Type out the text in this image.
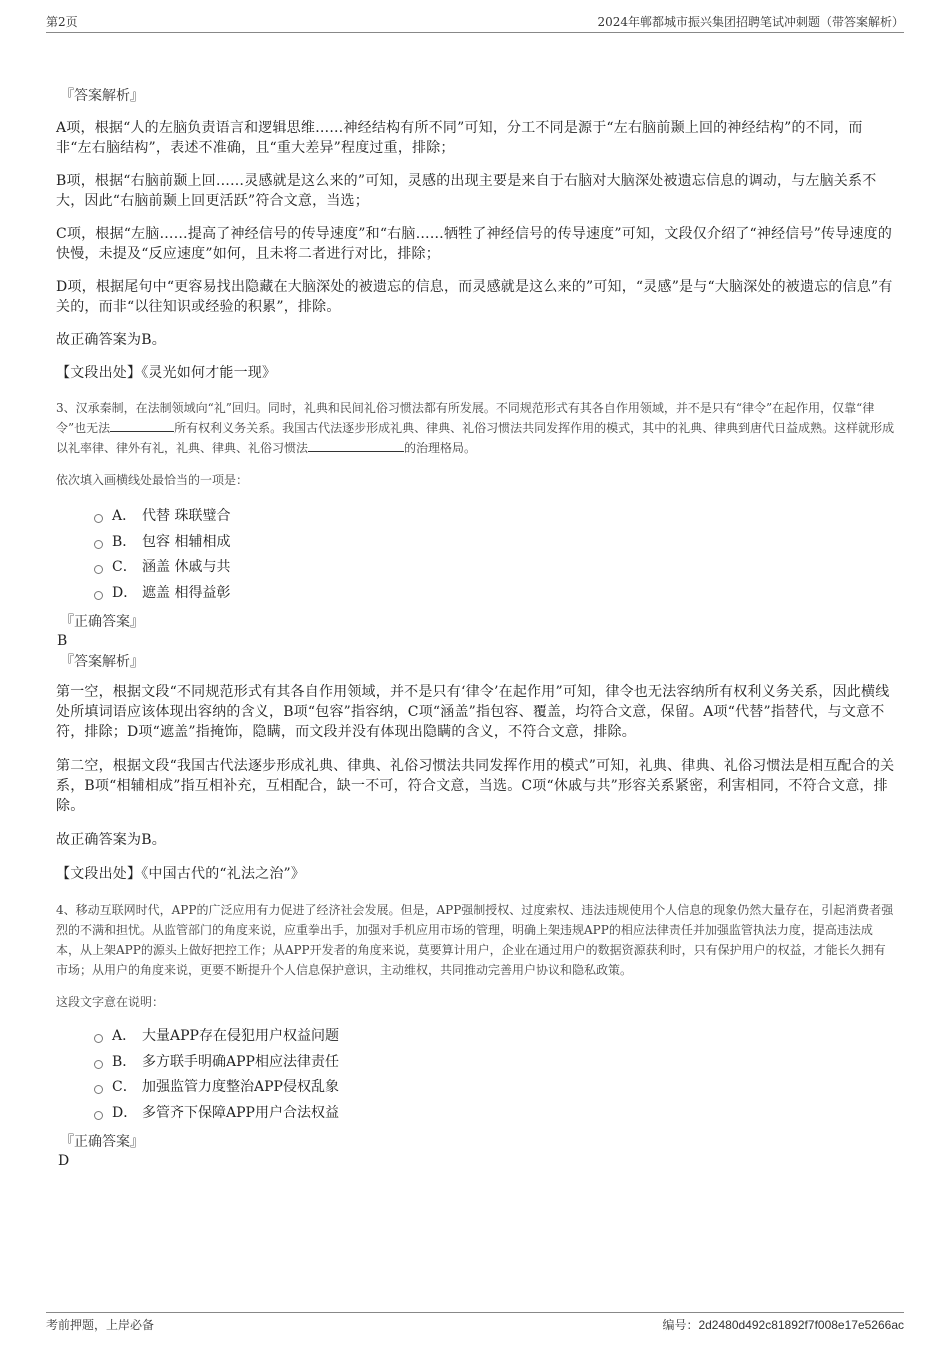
第2页	2024年郸都城市振兴集团招聘笔试冲刺题（带答案解析）
『答案解析』

A项，根据“人的左脑负责语言和逻辑思维……神经结构有所不同”可知，分工不同是源于“左右脑前颞上回的神经结构”的不同，而非“左右脑结构”，表述不准确，且“重大差异”程度过重，排除；

B项，根据“右脑前颞上回……灵感就是这么来的”可知，灵感的出现主要是来自于右脑对大脑深处被遗忘信息的调动，与左脑关系不大，因此“右脑前颞上回更活跃”符合文意，当选；

C项，根据“左脑……提高了神经信号的传导速度”和“右脑……牺牲了神经信号的传导速度”可知，文段仅介绍了“神经信号”传导速度的快慢，未提及“反应速度”如何，且未将二者进行对比，排除；

D项，根据尾句中“更容易找出隐藏在大脑深处的被遗忘的信息，而灵感就是这么来的”可知，“灵感”是与“大脑深处的被遗忘的信息”有关的，而非“以往知识或经验的积累”，排除。

故正确答案为B。

【文段出处】《灵光如何才能一现》

3、汉承秦制，在法制领域向“礼”回归。同时，礼典和民间礼俗习惯法都有所发展。不同规范形式有其各自作用领域，并不是只有“律令”在起作用，仅靠“律令”也无法	所有权利义务关系。我国古代法逐步形成礼典、律典、礼俗习惯法共同发挥作用的模式，其中的礼典、律典到唐代日益成熟。这样就形成以礼率律、律外有礼，礼典、律典、礼俗习惯法	的治理格局。

依次填入画横线处最恰当的一项是：

A． 代替 珠联璧合
B． 包容 相辅相成
C． 涵盖 休戚与共
D． 遮盖 相得益彰
『正确答案』
B
『答案解析』

第一空，根据文段“不同规范形式有其各自作用领域，并不是只有‘律令’在起作用”可知，律令也无法容纳所有权利义务关系，因此横线处所填词语应该体现出容纳的含义，B项“包容”指容纳，C项“涵盖”指包容、覆盖，均符合文意，保留。A项“代替”指替代，与文意不符，排除；D项“遮盖”指掩饰，隐瞒，而文段并没有体现出隐瞒的含义，不符合文意，排除。

第二空，根据文段“我国古代法逐步形成礼典、律典、礼俗习惯法共同发挥作用的模式”可知，礼典、律典、礼俗习惯法是相互配合的关系，B项“相辅相成”指互相补充，互相配合，缺一不可，符合文意，当选。C项“休戚与共”形容关系紧密，利害相同，不符合文意，排除。

故正确答案为B。

【文段出处】《中国古代的“礼法之治”》

4、移动互联网时代，APP的广泛应用有力促进了经济社会发展。但是，APP强制授权、过度索权、违法违规使用个人信息的现象仍然大量存在，引起消费者强烈的不满和担忧。从监管部门的角度来说，应重拳出手，加强对手机应用市场的管理，明确上架违规APP的相应法律责任并加强监管执法力度，提高违法成本，从上架APP的源头上做好把控工作；从APP开发者的角度来说，莫要算计用户，企业在通过用户的数据资源获利时，只有保护用户的权益，才能长久拥有市场；从用户的角度来说，更要不断提升个人信息保护意识，主动维权，共同推动完善用户协议和隐私政策。

这段文字意在说明：

A． 大量APP存在侵犯用户权益问题
B． 多方联手明确APP相应法律责任
C． 加强监管力度整治APP侵权乱象
D． 多管齐下保障APP用户合法权益
『正确答案』
D
考前押题，上岸必备	编号：2d2480d492c81892f7f008e17e5266ac
